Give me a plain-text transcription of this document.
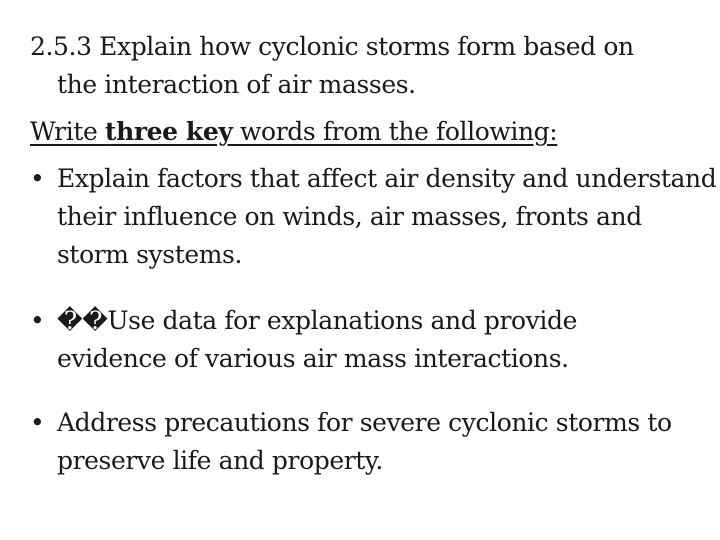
2.5.3 Explain how cyclonic storms form based on
the interaction of air masses.
Write three key words from the following:
• Explain factors that affect air density and understand their influence on winds, air masses, fronts and storm systems.
• ��Use data for explanations and provide
evidence of various air mass interactions.
• Address precautions for severe cyclonic storms to preserve life and property.
